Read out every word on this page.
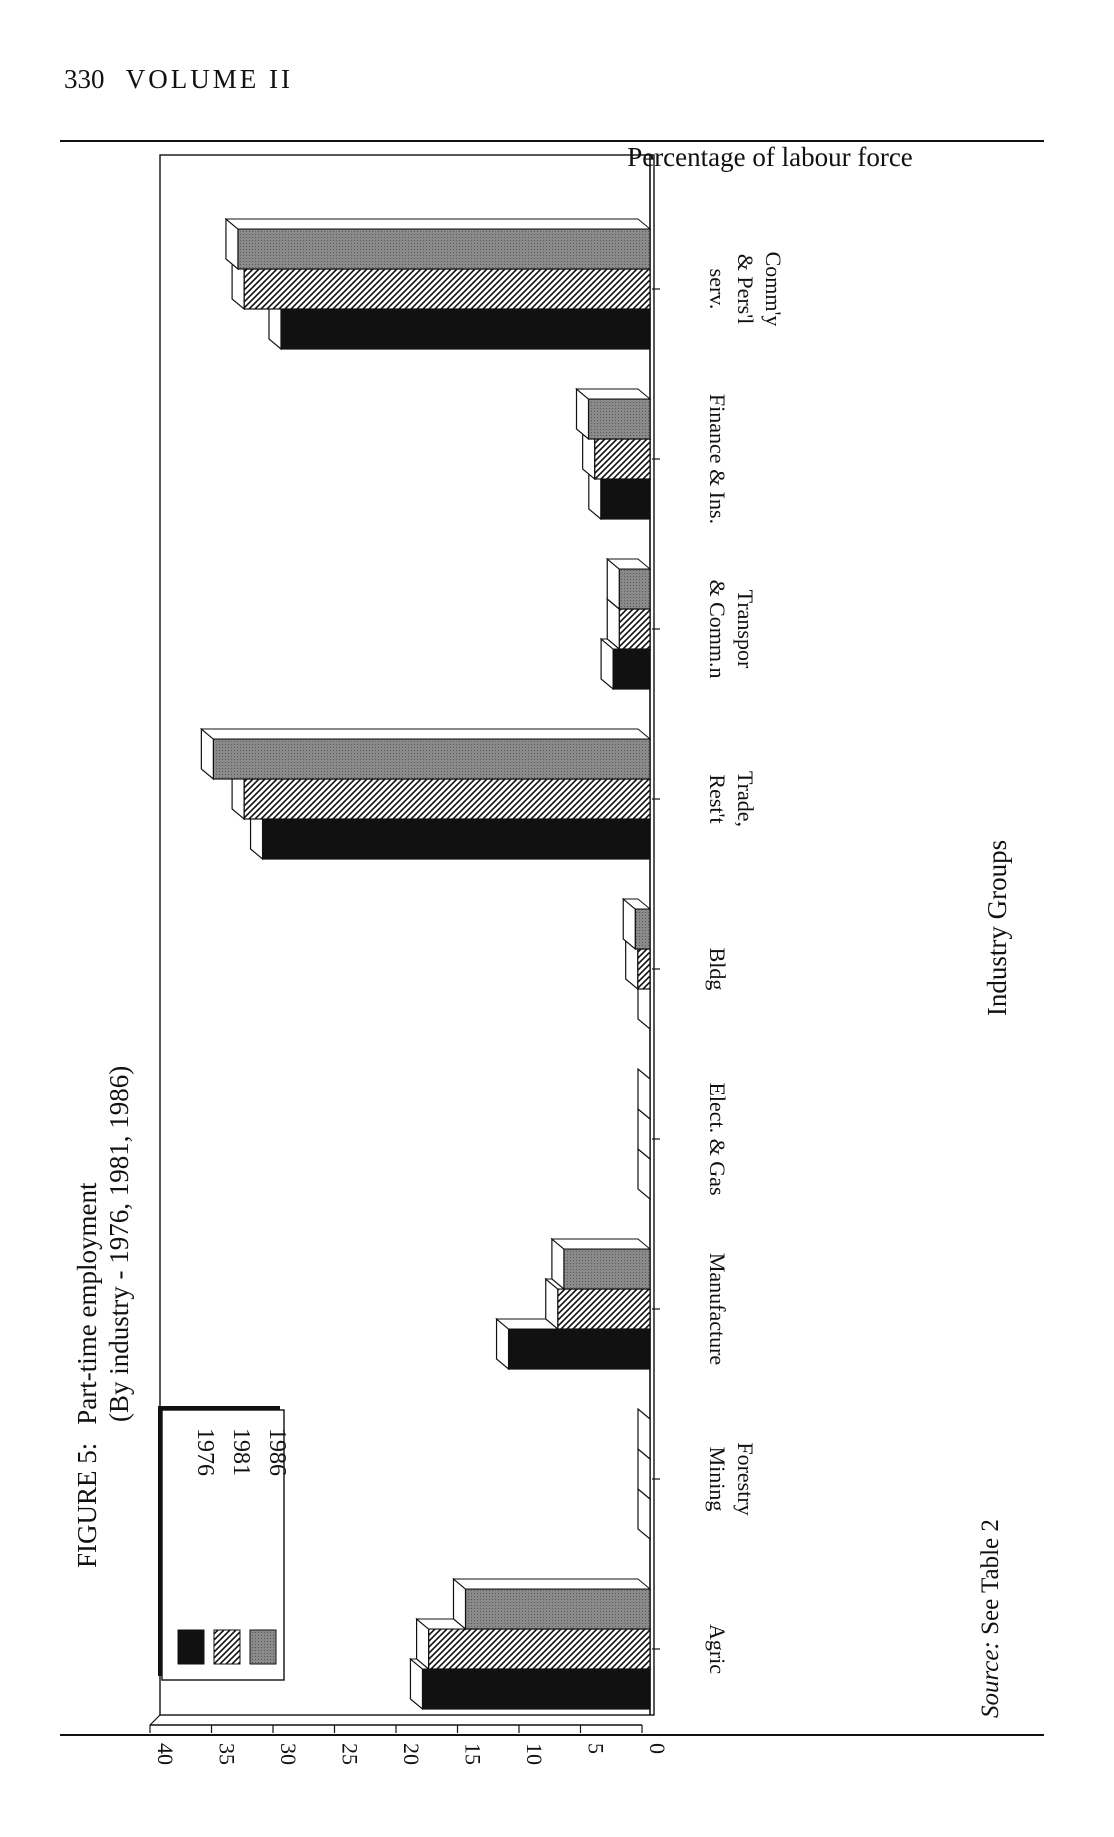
330 VOLUME II
0
5
10
15
20
25
30
35
40
Agric
ForestryMining
Manufacture
Elect. & Gas
Bldg
Trade,Rest't
Transpor& Comm.n
Finance & Ins.
Comm'y& Pers'lserv.
1976 1981 1986
FIGURE 5:Part-time employment (By industry - 1976, 1981, 1986)
Industry Groups
Percentage of labour force
Source: See Table 2
